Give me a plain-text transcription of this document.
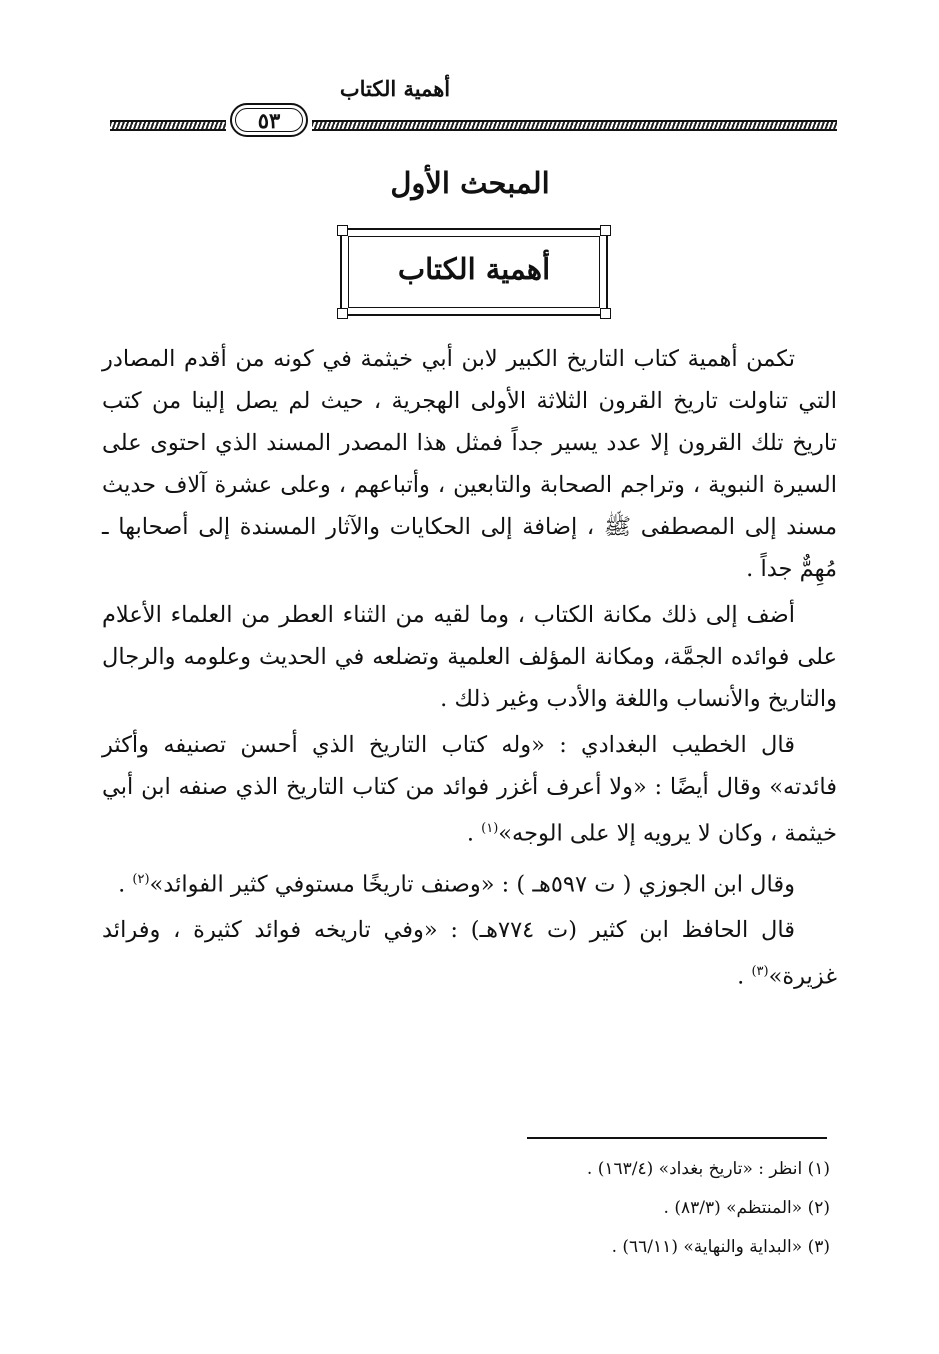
أهمية الكتاب
٥٣
المبحث الأول
أهمية الكتاب

تكمن أهمية كتاب التاريخ الكبير لابن أبي خيثمة في كونه من أقدم المصادر التي تناولت تاريخ القرون الثلاثة الأولى الهجرية ، حيث لم يصل إلينا من كتب تاريخ تلك القرون إلا عدد يسير جداً فمثل هذا المصدر المسند الذي احتوى على السيرة النبوية ، وتراجم الصحابة والتابعين ، وأتباعهم ، وعلى عشرة آلاف حديث مسند إلى المصطفى ﷺ ، إضافة إلى الحكايات والآثار المسندة إلى أصحابها ـ مُهِمٌّ جداً .

أضف إلى ذلك مكانة الكتاب ، وما لقيه من الثناء العطر من العلماء الأعلام على فوائده الجمَّة، ومكانة المؤلف العلمية وتضلعه في الحديث وعلومه والرجال والتاريخ والأنساب واللغة والأدب وغير ذلك .

قال الخطيب البغدادي : «وله كتاب التاريخ الذي أحسن تصنيفه وأكثر فائدته» وقال أيضًا : «ولا أعرف أغزر فوائد من كتاب التاريخ الذي صنفه ابن أبي خيثمة ، وكان لا يرويه إلا على الوجه»$^{(١)}$ .

وقال ابن الجوزي ( ت ٥٩٧هـ ) : «وصنف تاريخًا مستوفي كثير الفوائد»$^{(٢)}$ .

قال الحافظ ابن كثير (ت ٧٧٤هـ) : «وفي تاريخه فوائد كثيرة ، وفرائد غزيرة»$^{(٣)}$ .

(١) انظر : «تاريخ بغداد» (١٦٣/٤) .
(٢) «المنتظم» (٨٣/٣) .
(٣) «البداية والنهاية» (٦٦/١١) .
